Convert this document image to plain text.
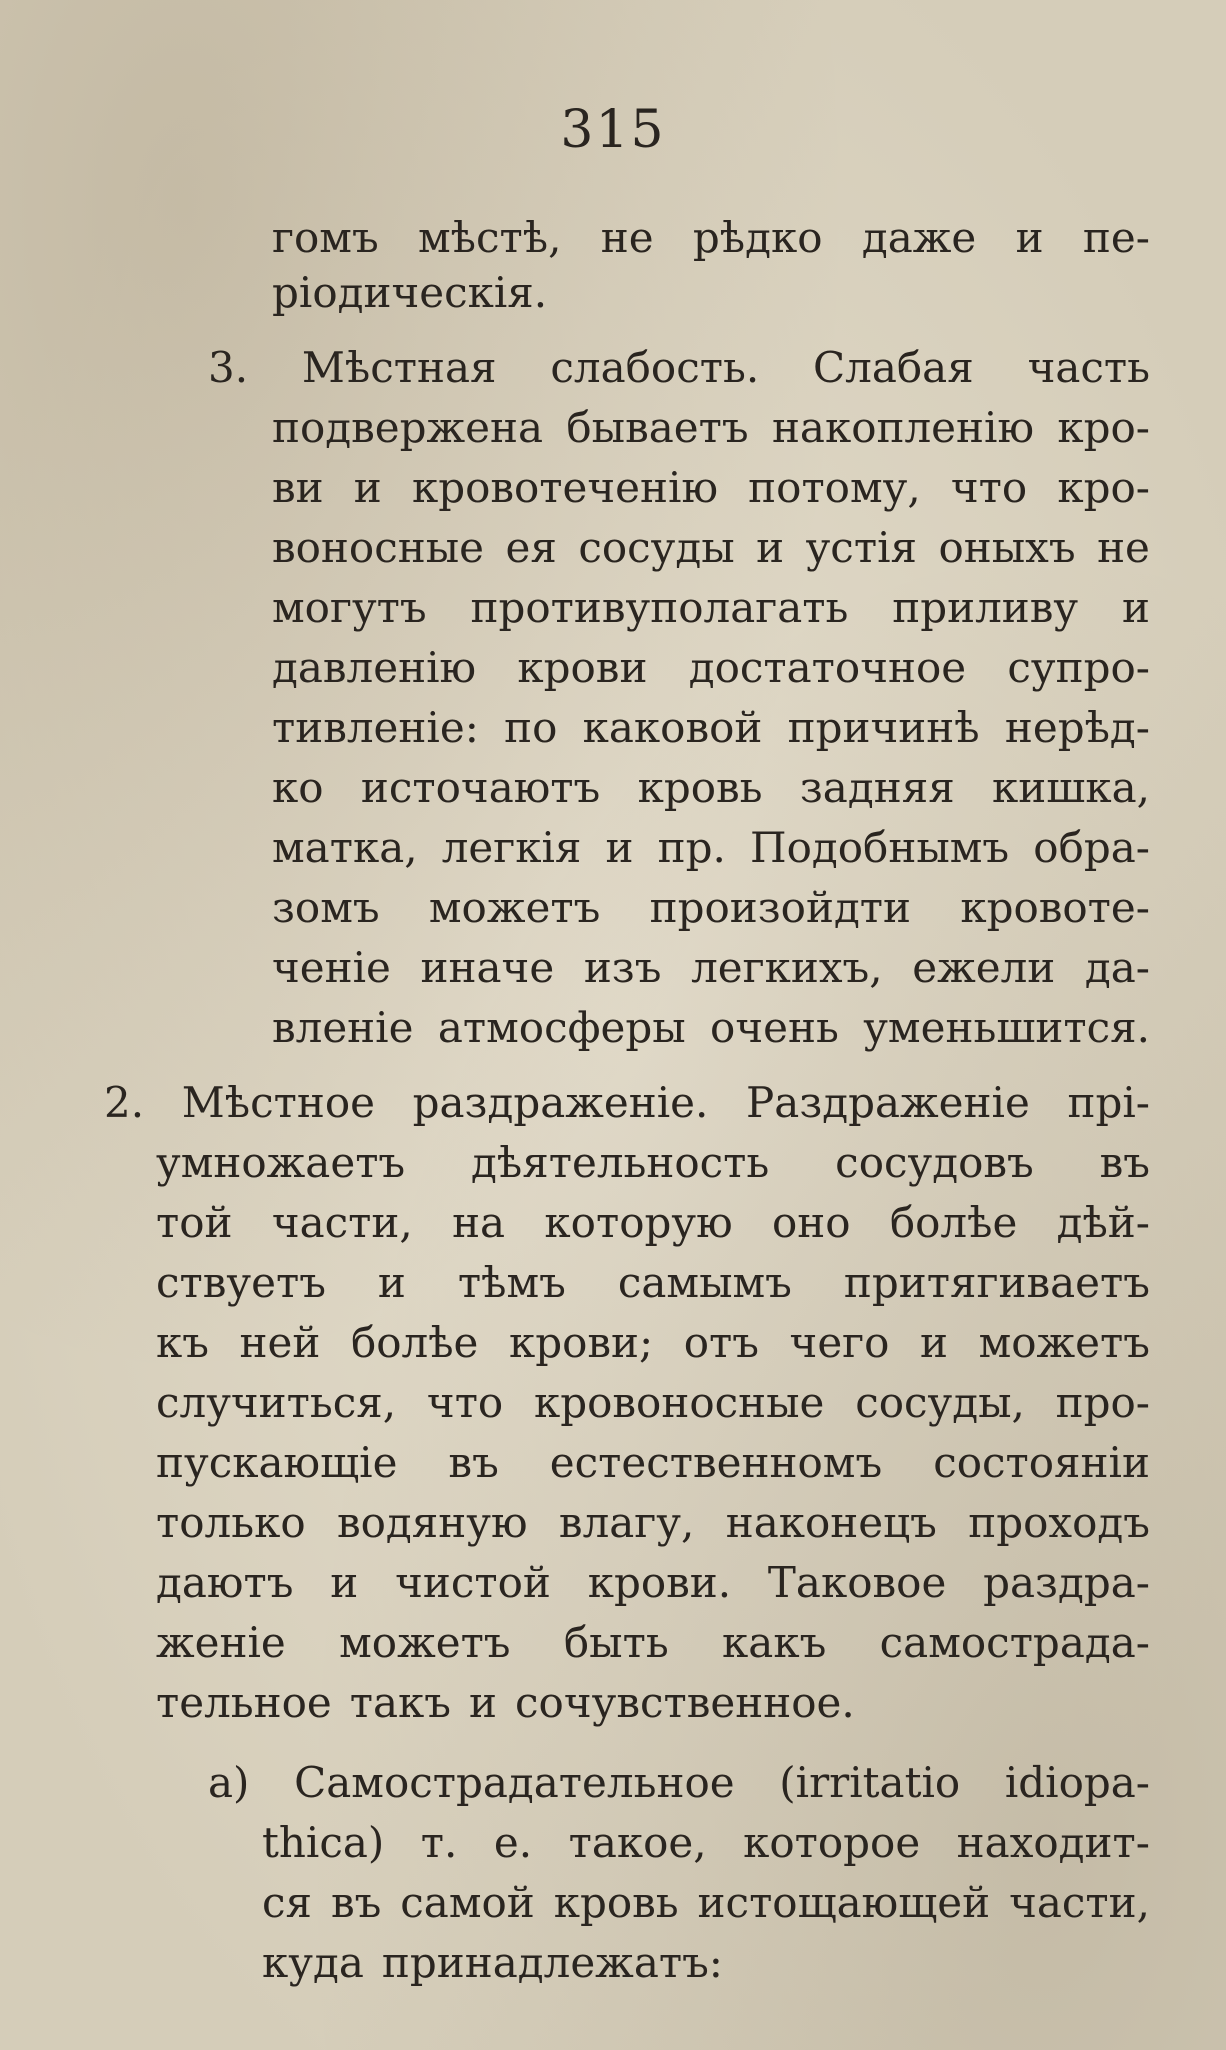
315
гомъ мѣстѣ, не рѣдко даже и пе-
ріодическія.
3. Мѣстная слабость. Слабая часть
подвержена бываетъ накопленію кро-
ви и кровотеченію потому, что кро-
воносные ея сосуды и устія оныхъ не
могутъ противуполагать приливу и
давленію крови достаточное супро-
тивленіе: по каковой причинѣ нерѣд-
ко источаютъ кровь задняя кишка,
матка, легкія и пр. Подобнымъ обра-
зомъ можетъ произойдти кровоте-
ченіе иначе изъ легкихъ, ежели да-
вленіе атмосферы очень уменьшится.
2. Мѣстное раздраженіе. Раздраженіе прі-
умножаетъ дѣятельность сосудовъ въ
той части, на которую оно болѣе дѣй-
ствуетъ и тѣмъ самымъ притягиваетъ
къ ней болѣе крови; отъ чего и можетъ
случиться, что кровоносные сосуды, про-
пускающіе въ естественномъ состояніи
только водяную влагу, наконецъ проходъ
даютъ и чистой крови. Таковое раздра-
женіе можетъ быть какъ самострада-
тельное такъ и сочувственное.
a) Самострадательное (irritatio idiopa-
thica) т. е. такое, которое находит-
ся въ самой кровь истощающей части,
куда принадлежатъ:
